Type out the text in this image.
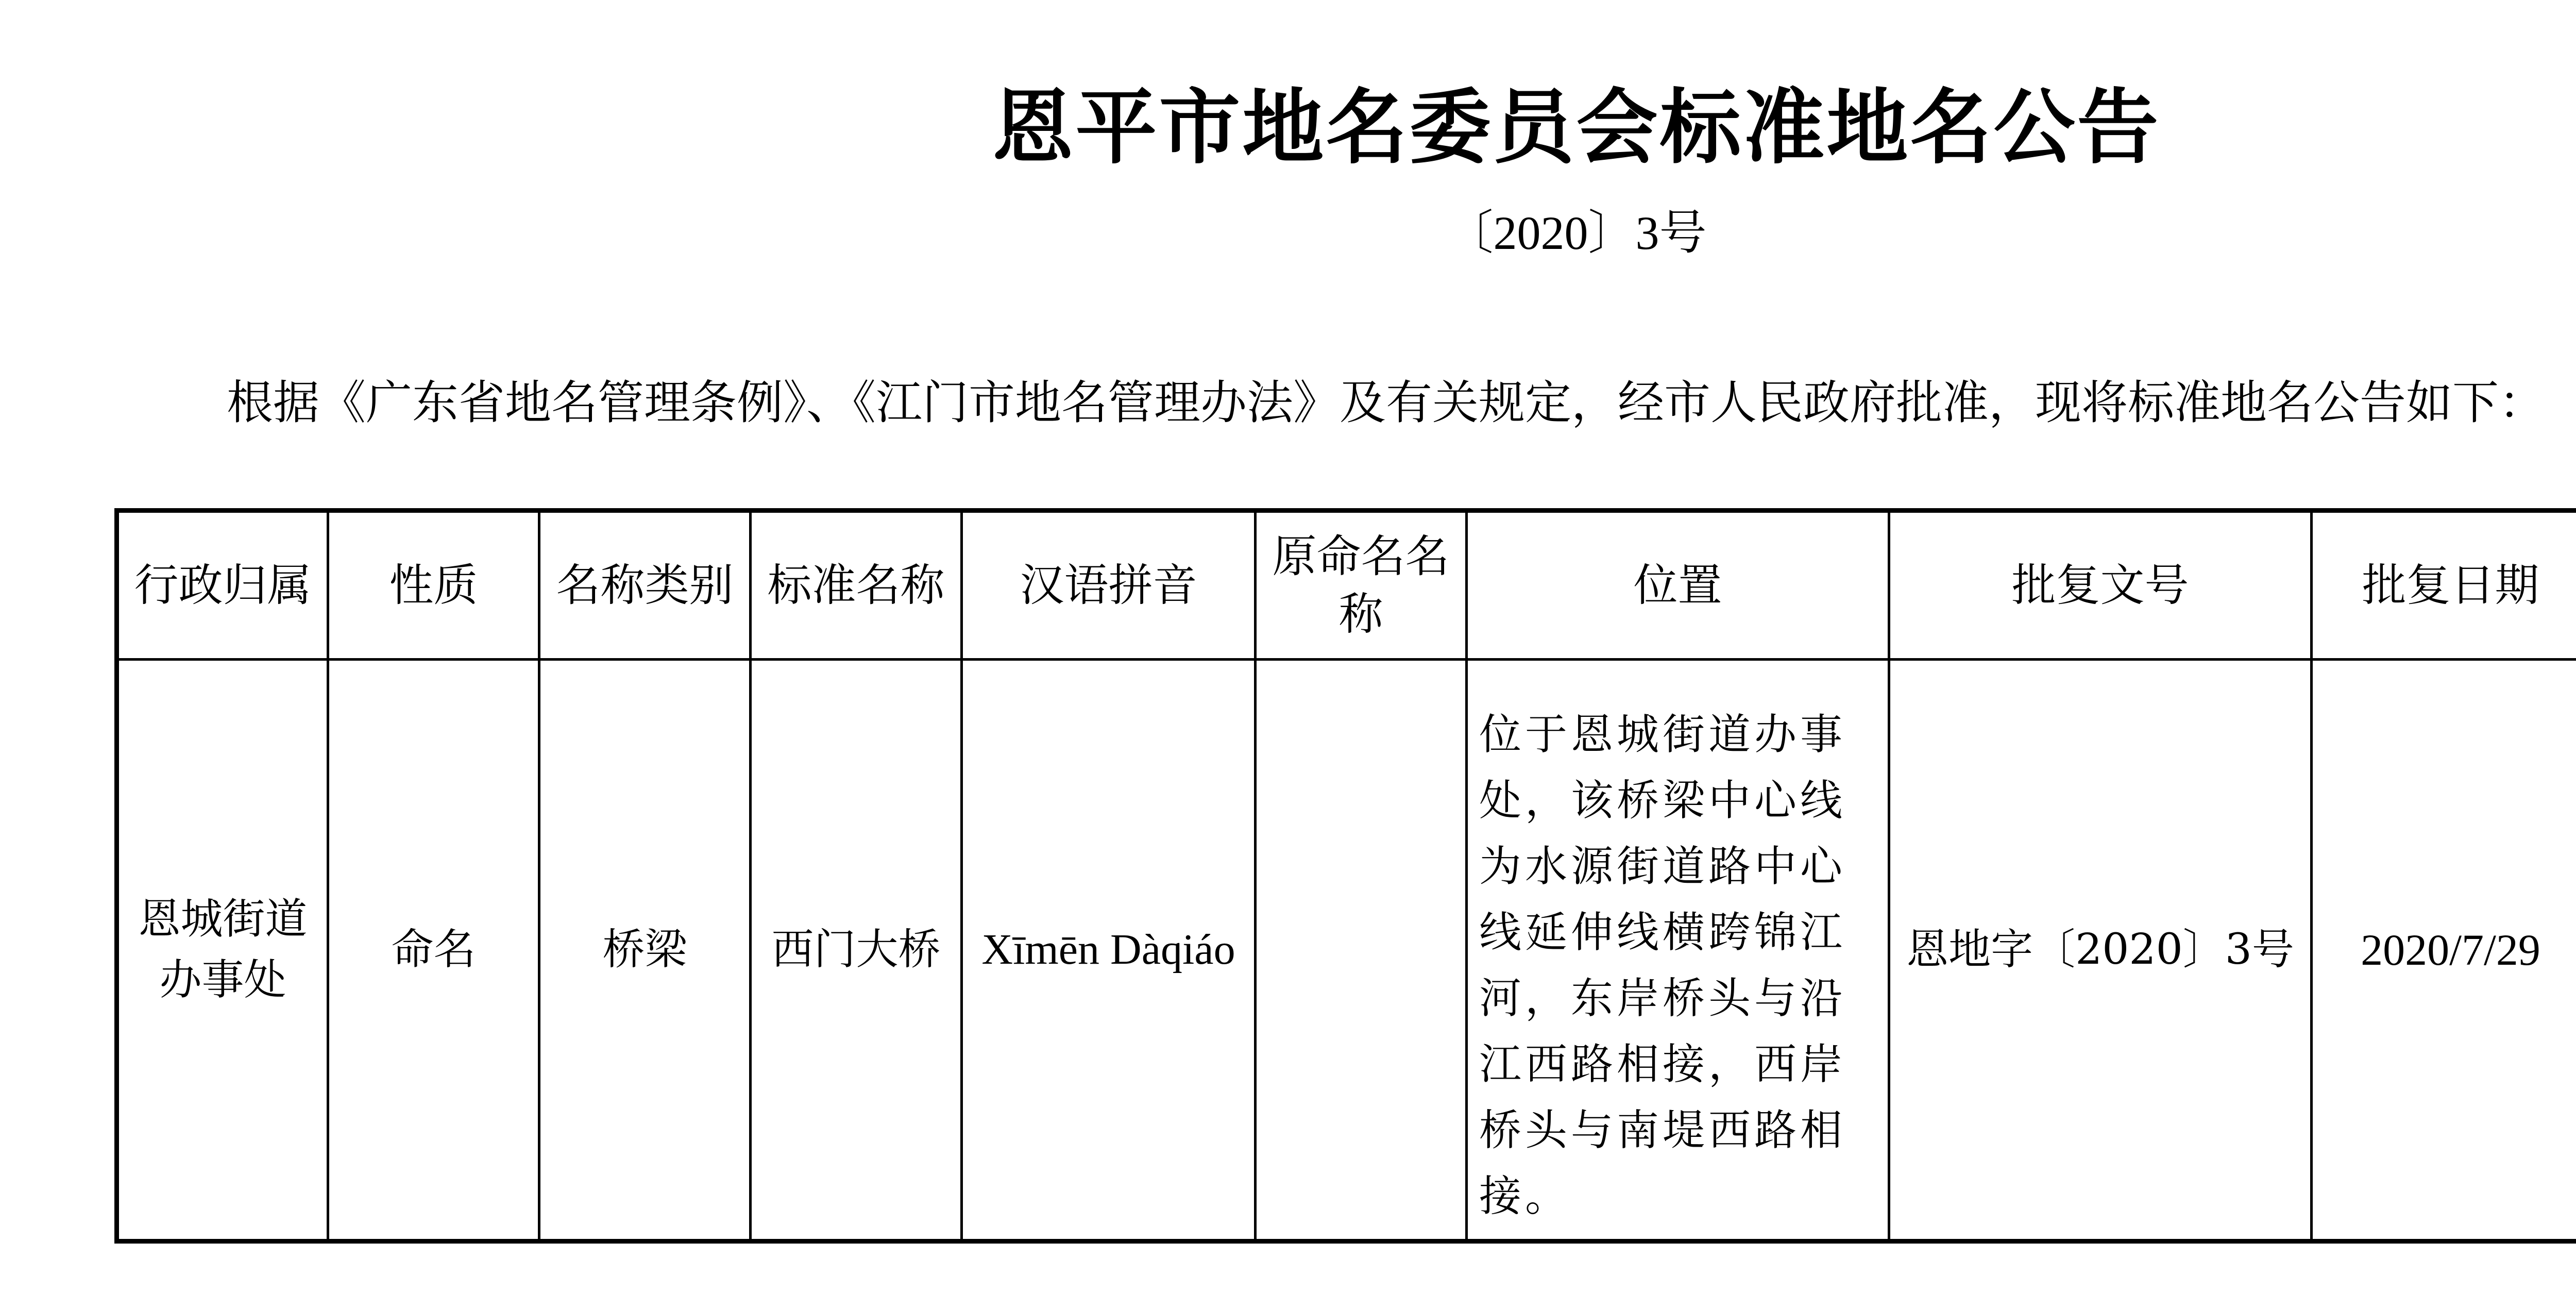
恩平市地名委员会标准地名公告
〔2020〕3号
根据《广东省地名管理条例》、《江门市地名管理办法》及有关规定，经市人民政府批准，现将标准地名公告如下：
行政归属	性质	名称类别	标准名称	汉语拼音	原命名名称	位置	批复文号	批复日期	
恩城街道办事处	命名	桥梁	西门大桥	Xīmēn Dàqiáo		位于恩城街道办事处，该桥梁中心线为水源街道路中心线延伸线横跨锦江河，东岸桥头与沿江西路相接，西岸桥头与南堤西路相接。	恩地字〔2020〕3号	2020/7/29	
